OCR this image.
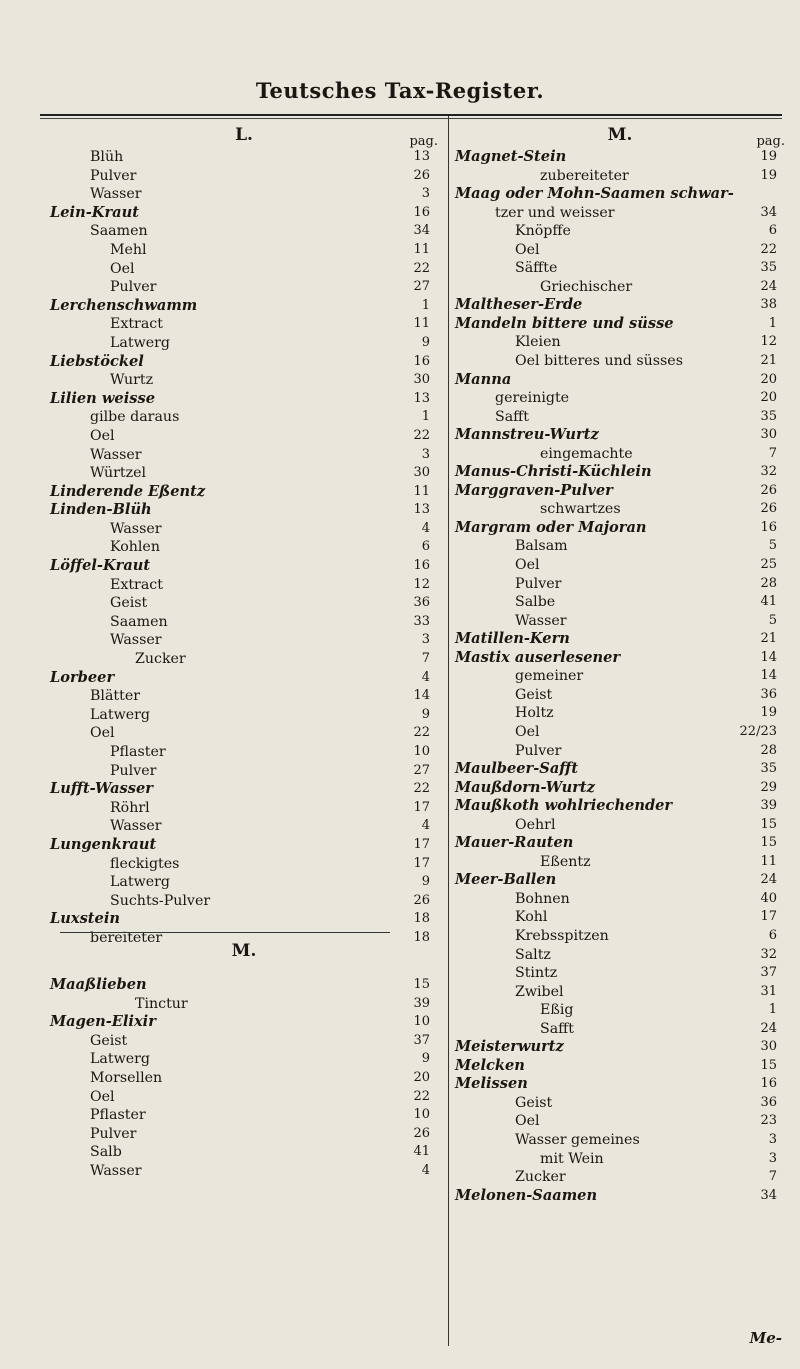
Teutsches Tax-Register.
L.	pag.
Blüh	13
Pulver	26
Wasser	3
Lein-Kraut	16
Saamen	34
Mehl	11
Oel	22
Pulver	27
Lerchenschwamm	1
Extract	11
Latwerg	9
Liebstöckel	16
Wurtz	30
Lilien weisse	13
gilbe daraus	1
Oel	22
Wasser	3
Würtzel	30
Linderende Eßentz	11
Linden-Blüh	13
Wasser	4
Kohlen	6
Löffel-Kraut	16
Extract	12
Geist	36
Saamen	33
Wasser	3
Zucker	7
Lorbeer	4
Blätter	14
Latwerg	9
Oel	22
Pflaster	10
Pulver	27
Lufft-Wasser	22
Röhrl	17
Wasser	4
Lungenkraut	17
fleckigtes	17
Latwerg	9
Suchts-Pulver	26
Luxstein	18
bereiteter	18
M.
Maaßlieben	15
Tinctur	39
Magen-Elixir	10
Geist	37
Latwerg	9
Morsellen	20
Oel	22
Pflaster	10
Pulver	26
Salb	41
Wasser	4
M.	pag.
Magnet-Stein	19
zubereiteter	19
Maag oder Mohn-Saamen schwar-
tzer und weisser	34
Knöpffe	6
Oel	22
Säffte	35
Griechischer	24
Maltheser-Erde	38
Mandeln bittere und süsse	1
Kleien	12
Oel bitteres und süsses	21
Manna	20
gereinigte	20
Safft	35
Mannstreu-Wurtz	30
eingemachte	7
Manus-Christi-Küchlein	32
Marggraven-Pulver	26
schwartzes	26
Margram oder Majoran	16
Balsam	5
Oel	25
Pulver	28
Salbe	41
Wasser	5
Matillen-Kern	21
Mastix auserlesener	14
gemeiner	14
Geist	36
Holtz	19
Oel	22/23
Pulver	28
Maulbeer-Safft	35
Maußdorn-Wurtz	29
Maußkoth wohlriechender	39
Oehrl	15
Mauer-Rauten	15
Eßentz	11
Meer-Ballen	24
Bohnen	40
Kohl	17
Krebsspitzen	6
Saltz	32
Stintz	37
Zwibel	31
Eßig	1
Safft	24
Meisterwurtz	30
Melcken	15
Melissen	16
Geist	36
Oel	23
Wasser gemeines	3
mit Wein	3
Zucker	7
Melonen-Saamen	34
Me-
